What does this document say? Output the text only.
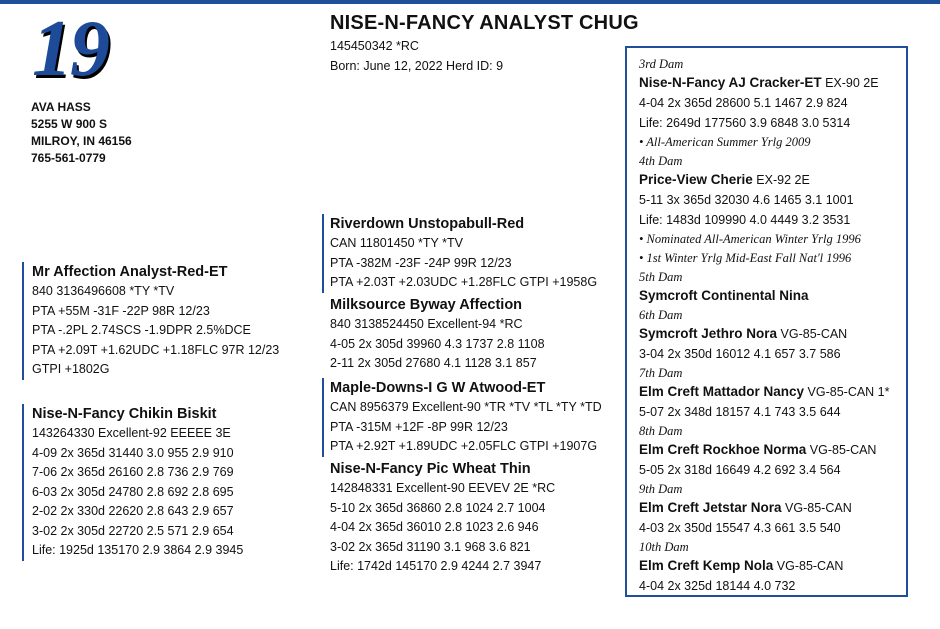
19
AVA HASS
5255 W 900 S
MILROY, IN 46156
765-561-0779
NISE-N-FANCY ANALYST CHUG
145450342 *RC
Born: June 12, 2022 Herd ID: 9
Mr Affection Analyst-Red-ET
840 3136496608 *TY *TV
PTA +55M -31F -22P 98R 12/23
PTA -.2PL 2.74SCS -1.9DPR 2.5%DCE
PTA +2.09T +1.62UDC +1.18FLC 97R 12/23
GTPI +1802G
Nise-N-Fancy Chikin Biskit
143264330 Excellent-92 EEEEE 3E
4-09 2x 365d 31440 3.0 955 2.9 910
7-06 2x 365d 26160 2.8 736 2.9 769
6-03 2x 305d 24780 2.8 692 2.8 695
2-02 2x 330d 22620 2.8 643 2.9 657
3-02 2x 305d 22720 2.5 571 2.9 654
Life: 1925d 135170 2.9 3864 2.9 3945
Riverdown Unstopabull-Red
CAN 11801450 *TY *TV
PTA -382M -23F -24P 99R 12/23
PTA +2.03T +2.03UDC +1.28FLC GTPI +1958G
Milksource Byway Affection
840 3138524450 Excellent-94 *RC
4-05 2x 305d 39960 4.3 1737 2.8 1108
2-11 2x 305d 27680 4.1 1128 3.1 857
Maple-Downs-I G W Atwood-ET
CAN 8956379 Excellent-90 *TR *TV *TL *TY *TD
PTA -315M +12F -8P 99R 12/23
PTA +2.92T +1.89UDC +2.05FLC GTPI +1907G
Nise-N-Fancy Pic Wheat Thin
142848331 Excellent-90 EEVEV 2E *RC
5-10 2x 365d 36860 2.8 1024 2.7 1004
4-04 2x 365d 36010 2.8 1023 2.6 946
3-02 2x 365d 31190 3.1 968 3.6 821
Life: 1742d 145170 2.9 4244 2.7 3947
3rd Dam
Nise-N-Fancy AJ Cracker-ET EX-90 2E
4-04 2x 365d 28600 5.1 1467 2.9 824
Life: 2649d 177560 3.9 6848 3.0 5314
• All-American Summer Yrlg 2009
4th Dam
Price-View Cherie EX-92 2E
5-11 3x 365d 32030 4.6 1465 3.1 1001
Life: 1483d 109990 4.0 4449 3.2 3531
• Nominated All-American Winter Yrlg 1996
• 1st Winter Yrlg Mid-East Fall Nat'l 1996
5th Dam
Symcroft Continental Nina
6th Dam
Symcroft Jethro Nora VG-85-CAN
3-04 2x 350d 16012 4.1 657 3.7 586
7th Dam
Elm Creft Mattador Nancy VG-85-CAN 1*
5-07 2x 348d 18157 4.1 743 3.5 644
8th Dam
Elm Creft Rockhoe Norma VG-85-CAN
5-05 2x 318d 16649 4.2 692 3.4 564
9th Dam
Elm Creft Jetstar Nora VG-85-CAN
4-03 2x 350d 15547 4.3 661 3.5 540
10th Dam
Elm Creft Kemp Nola VG-85-CAN
4-04 2x 325d 18144 4.0 732
